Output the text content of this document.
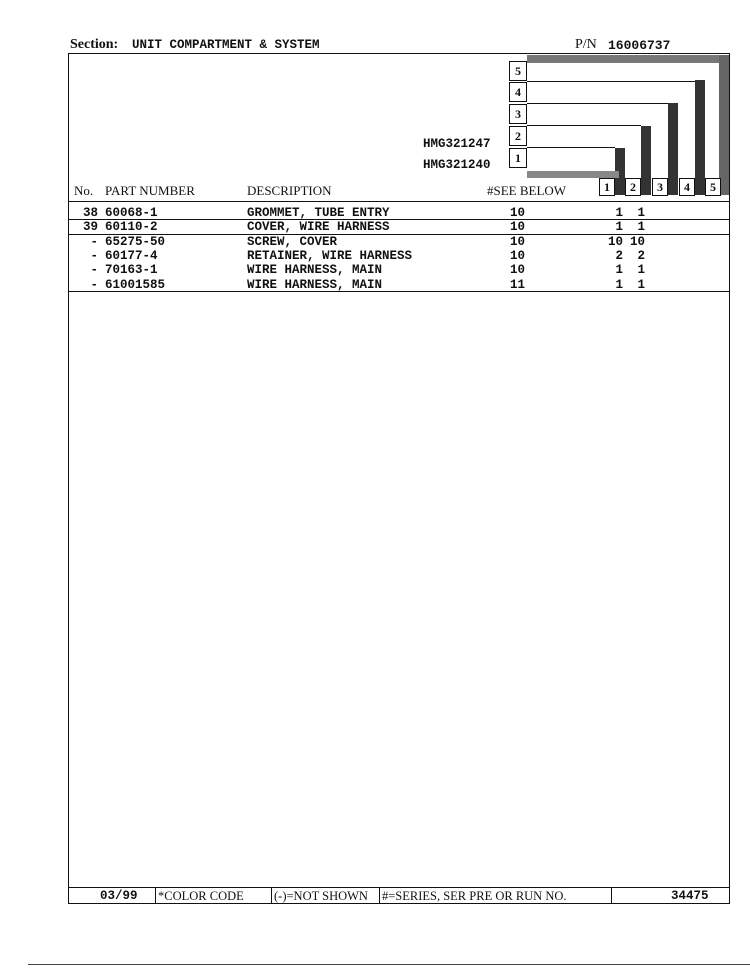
Section: UNIT COMPARTMENT & SYSTEM	P/N 16006737
HMG321247
HMG321240
5
4
3
2
1
1	2	3	4	5
No. PART NUMBER	DESCRIPTION	#SEE BELOW
38 60068-1	GROMMET, TUBE ENTRY	10	1	1
39 60110-2	COVER, WIRE HARNESS	10	1	1
- 65275-50	SCREW, COVER	10	10 10
- 60177-4	RETAINER, WIRE HARNESS	10	2	2
- 70163-1	WIRE HARNESS, MAIN	10	1	1
- 61001585	WIRE HARNESS, MAIN	11	1	1
03/99 *COLOR CODE (-)=NOT SHOWN #=SERIES, SER PRE OR RUN NO.	34475
